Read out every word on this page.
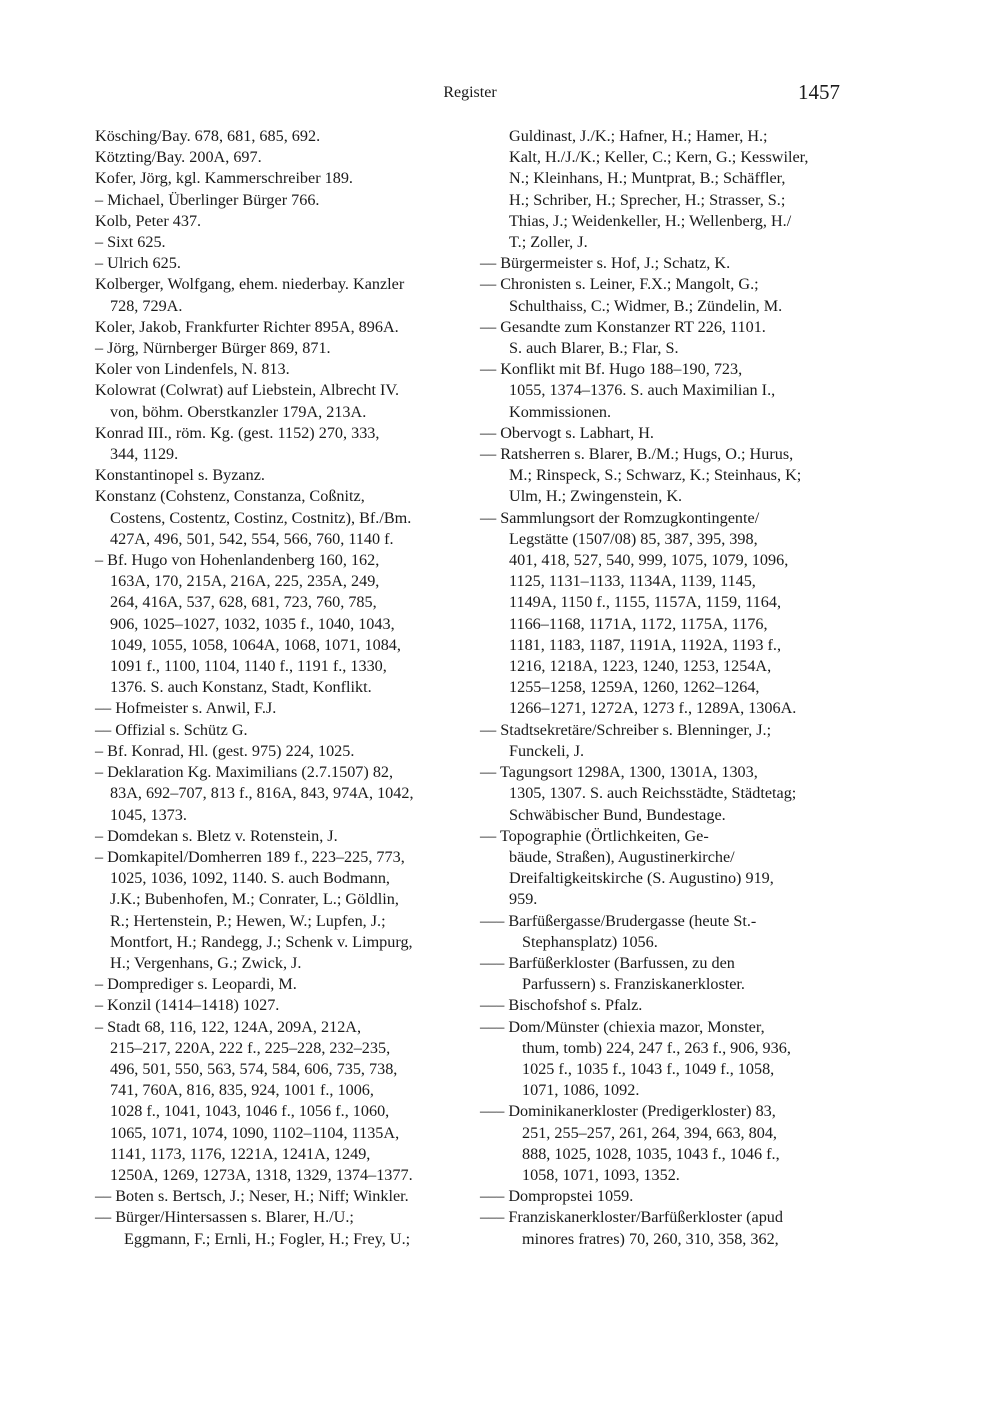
Register	1457
Kösching/Bay. 678, 681, 685, 692.
Kötzting/Bay. 200A, 697.
Kofer, Jörg, kgl. Kammerschreiber 189.
– Michael, Überlinger Bürger 766.
Kolb, Peter 437.
– Sixt 625.
– Ulrich 625.
Kolberger, Wolfgang, ehem. niederbay. Kanzler
728, 729A.
Koler, Jakob, Frankfurter Richter 895A, 896A.
– Jörg, Nürnberger Bürger 869, 871.
Koler von Lindenfels, N. 813.
Kolowrat (Colwrat) auf Liebstein, Albrecht IV.
von, böhm. Oberstkanzler 179A, 213A.
Konrad III., röm. Kg. (gest. 1152) 270, 333,
344, 1129.
Konstantinopel s. Byzanz.
Konstanz (Cohstenz, Constanza, Coßnitz,
Costens, Costentz, Costinz, Costnitz), Bf./Bm.
427A, 496, 501, 542, 554, 566, 760, 1140 f.
– Bf. Hugo von Hohenlandenberg 160, 162,
163A, 170, 215A, 216A, 225, 235A, 249,
264, 416A, 537, 628, 681, 723, 760, 785,
906, 1025–1027, 1032, 1035 f., 1040, 1043,
1049, 1055, 1058, 1064A, 1068, 1071, 1084,
1091 f., 1100, 1104, 1140 f., 1191 f., 1330,
1376. S. auch Konstanz, Stadt, Konflikt.
–– Hofmeister s. Anwil, F.J.
–– Offizial s. Schütz G.
– Bf. Konrad, Hl. (gest. 975) 224, 1025.
– Deklaration Kg. Maximilians (2.7.1507) 82,
83A, 692–707, 813 f., 816A, 843, 974A, 1042,
1045, 1373.
– Domdekan s. Bletz v. Rotenstein, J.
– Domkapitel/Domherren 189 f., 223–225, 773,
1025, 1036, 1092, 1140. S. auch Bodmann,
J.K.; Bubenhofen, M.; Conrater, L.; Göldlin,
R.; Hertenstein, P.; Hewen, W.; Lupfen, J.;
Montfort, H.; Randegg, J.; Schenk v. Limpurg,
H.; Vergenhans, G.; Zwick, J.
– Domprediger s. Leopardi, M.
– Konzil (1414–1418) 1027.
– Stadt 68, 116, 122, 124A, 209A, 212A,
215–217, 220A, 222 f., 225–228, 232–235,
496, 501, 550, 563, 574, 584, 606, 735, 738,
741, 760A, 816, 835, 924, 1001 f., 1006,
1028 f., 1041, 1043, 1046 f., 1056 f., 1060,
1065, 1071, 1074, 1090, 1102–1104, 1135A,
1141, 1173, 1176, 1221A, 1241A, 1249,
1250A, 1269, 1273A, 1318, 1329, 1374–1377.
–– Boten s. Bertsch, J.; Neser, H.; Niff; Winkler.
–– Bürger/Hintersassen s. Blarer, H./U.;
Eggmann, F.; Ernli, H.; Fogler, H.; Frey, U.;
Guldinast, J./K.; Hafner, H.; Hamer, H.;
Kalt, H./J./K.; Keller, C.; Kern, G.; Kesswiler,
N.; Kleinhans, H.; Muntprat, B.; Schäffler,
H.; Schriber, H.; Sprecher, H.; Strasser, S.;
Thias, J.; Weidenkeller, H.; Wellenberg, H./
T.; Zoller, J.
–– Bürgermeister s. Hof, J.; Schatz, K.
–– Chronisten s. Leiner, F.X.; Mangolt, G.;
Schulthaiss, C.; Widmer, B.; Zündelin, M.
–– Gesandte zum Konstanzer RT 226, 1101.
S. auch Blarer, B.; Flar, S.
–– Konflikt mit Bf. Hugo 188–190, 723,
1055, 1374–1376. S. auch Maximilian I.,
Kommissionen.
–– Obervogt s. Labhart, H.
–– Ratsherren s. Blarer, B./M.; Hugs, O.; Hurus,
M.; Rinspeck, S.; Schwarz, K.; Steinhaus, K;
Ulm, H.; Zwingenstein, K.
–– Sammlungsort der Romzugkontingente/
Legstätte (1507/08) 85, 387, 395, 398,
401, 418, 527, 540, 999, 1075, 1079, 1096,
1125, 1131–1133, 1134A, 1139, 1145,
1149A, 1150 f., 1155, 1157A, 1159, 1164,
1166–1168, 1171A, 1172, 1175A, 1176,
1181, 1183, 1187, 1191A, 1192A, 1193 f.,
1216, 1218A, 1223, 1240, 1253, 1254A,
1255–1258, 1259A, 1260, 1262–1264,
1266–1271, 1272A, 1273 f., 1289A, 1306A.
–– Stadtsekretäre/Schreiber s. Blenninger, J.;
Funckeli, J.
–– Tagungsort 1298A, 1300, 1301A, 1303,
1305, 1307. S. auch Reichsstädte, Städtetag;
Schwäbischer Bund, Bundestage.
–– Topographie (Örtlichkeiten, Ge-
bäude, Straßen), Augustinerkirche/
Dreifaltigkeitskirche (S. Augustino) 919,
959.
––– Barfüßergasse/Brudergasse (heute St.-
Stephansplatz) 1056.
––– Barfüßerkloster (Barfussen, zu den
Parfussern) s. Franziskanerkloster.
––– Bischofshof s. Pfalz.
––– Dom/Münster (chiexia mazor, Monster,
thum, tomb) 224, 247 f., 263 f., 906, 936,
1025 f., 1035 f., 1043 f., 1049 f., 1058,
1071, 1086, 1092.
––– Dominikanerkloster (Predigerkloster) 83,
251, 255–257, 261, 264, 394, 663, 804,
888, 1025, 1028, 1035, 1043 f., 1046 f.,
1058, 1071, 1093, 1352.
––– Dompropstei 1059.
––– Franziskanerkloster/Barfüßerkloster (apud
minores fratres) 70, 260, 310, 358, 362,
